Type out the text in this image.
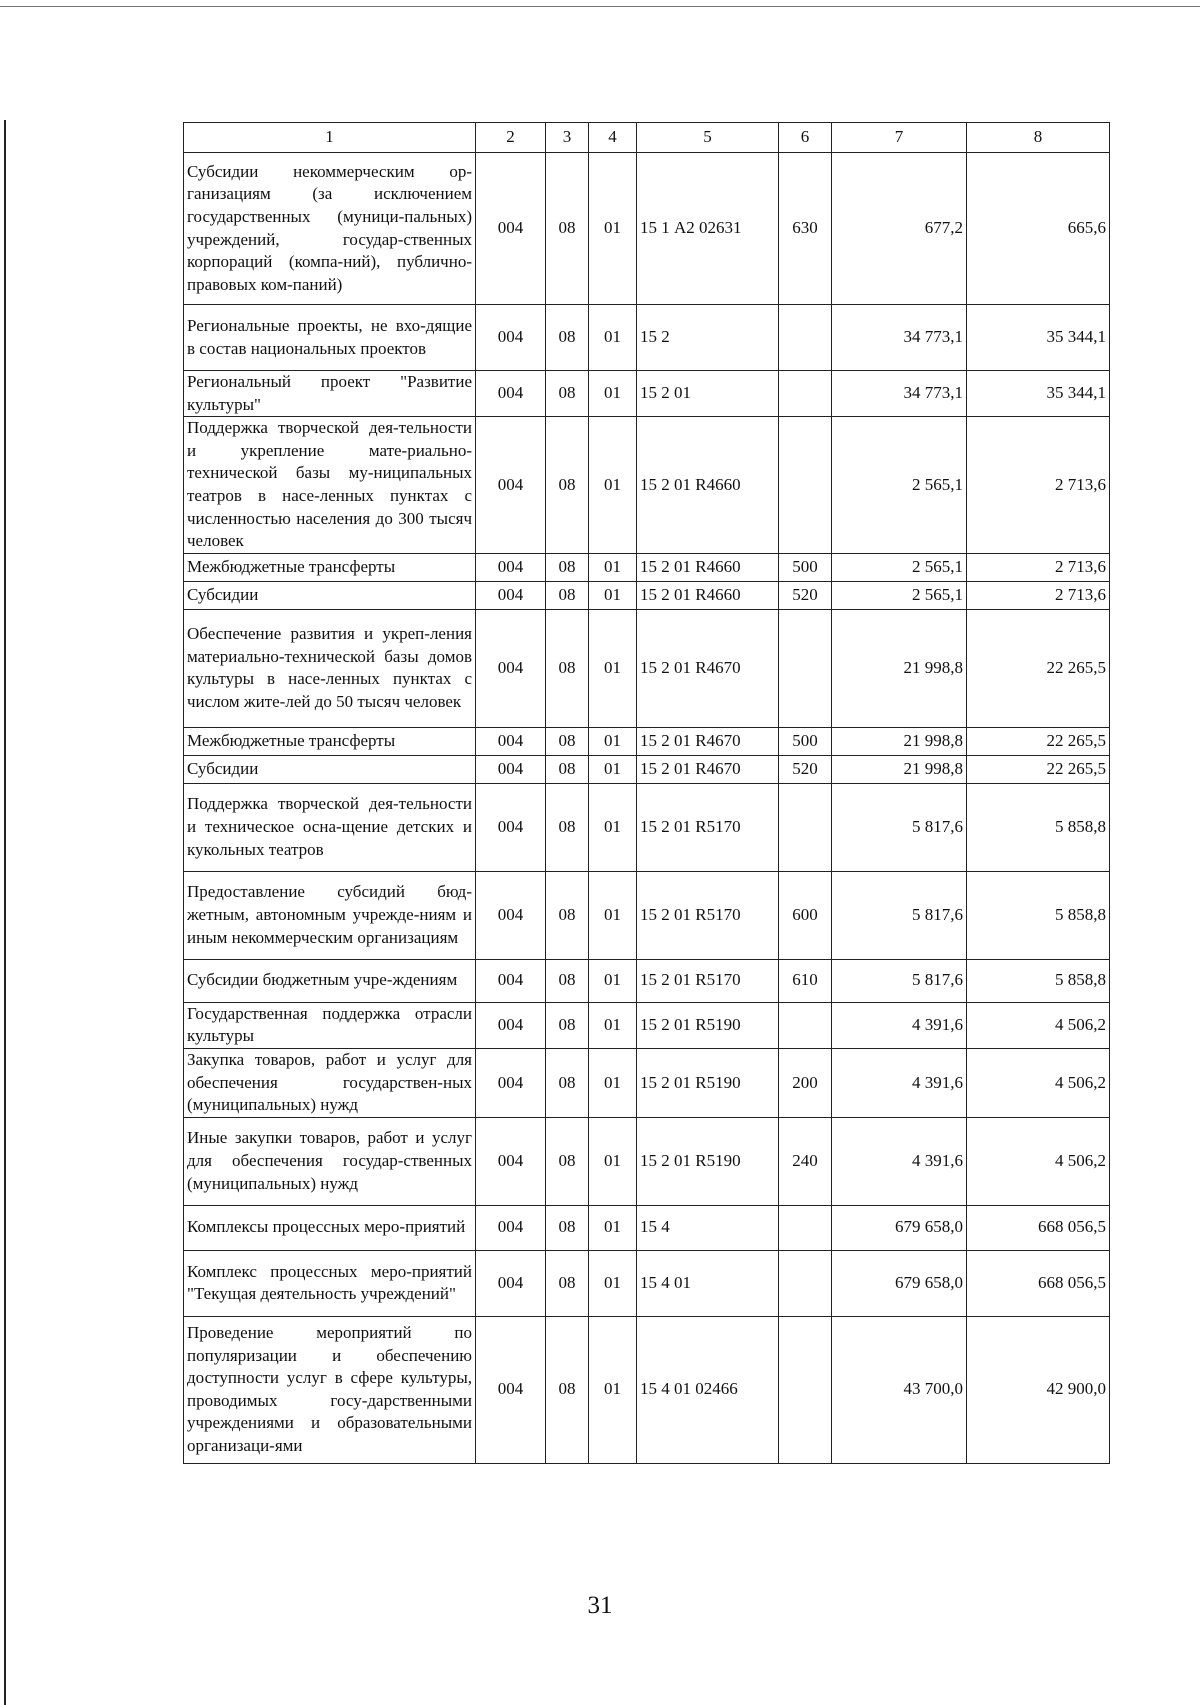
1	2	3	4	5	6	7	8
Субсидии некоммерческим ор-ганизациям (за исключением государственных (муници-пальных) учреждений, государ-ственных корпораций (компа-ний), публично-правовых ком-паний)	004	08	01	15 1 А2 02631	630	677,2	665,6
Региональные проекты, не вхо-дящие в состав национальных проектов	004	08	01	15 2		34 773,1	35 344,1
Региональный проект "Развитие культуры"	004	08	01	15 2 01		34 773,1	35 344,1
Поддержка творческой дея-тельности и укрепление мате-риально-технической базы му-ниципальных театров в насе-ленных пунктах с численностью населения до 300 тысяч человек	004	08	01	15 2 01 R4660		2 565,1	2 713,6
Межбюджетные трансферты	004	08	01	15 2 01 R4660	500	2 565,1	2 713,6
Субсидии	004	08	01	15 2 01 R4660	520	2 565,1	2 713,6
Обеспечение развития и укреп-ления материально-технической базы домов культуры в насе-ленных пунктах с числом жите-лей до 50 тысяч человек	004	08	01	15 2 01 R4670		21 998,8	22 265,5
Межбюджетные трансферты	004	08	01	15 2 01 R4670	500	21 998,8	22 265,5
Субсидии	004	08	01	15 2 01 R4670	520	21 998,8	22 265,5
Поддержка творческой дея-тельности и техническое осна-щение детских и кукольных театров	004	08	01	15 2 01 R5170		5 817,6	5 858,8
Предоставление субсидий бюд-жетным, автономным учрежде-ниям и иным некоммерческим организациям	004	08	01	15 2 01 R5170	600	5 817,6	5 858,8
Субсидии бюджетным учре-ждениям	004	08	01	15 2 01 R5170	610	5 817,6	5 858,8
Государственная поддержка отрасли культуры	004	08	01	15 2 01 R5190		4 391,6	4 506,2
Закупка товаров, работ и услуг для обеспечения государствен-ных (муниципальных) нужд	004	08	01	15 2 01 R5190	200	4 391,6	4 506,2
Иные закупки товаров, работ и услуг для обеспечения государ-ственных (муниципальных) нужд	004	08	01	15 2 01 R5190	240	4 391,6	4 506,2
Комплексы процессных меро-приятий	004	08	01	15 4		679 658,0	668 056,5
Комплекс процессных меро-приятий "Текущая деятельность учреждений"	004	08	01	15 4 01		679 658,0	668 056,5
Проведение мероприятий по популяризации и обеспечению доступности услуг в сфере культуры, проводимых госу-дарственными учреждениями и образовательными организаци-ями	004	08	01	15 4 01 02466		43 700,0	42 900,0
31
